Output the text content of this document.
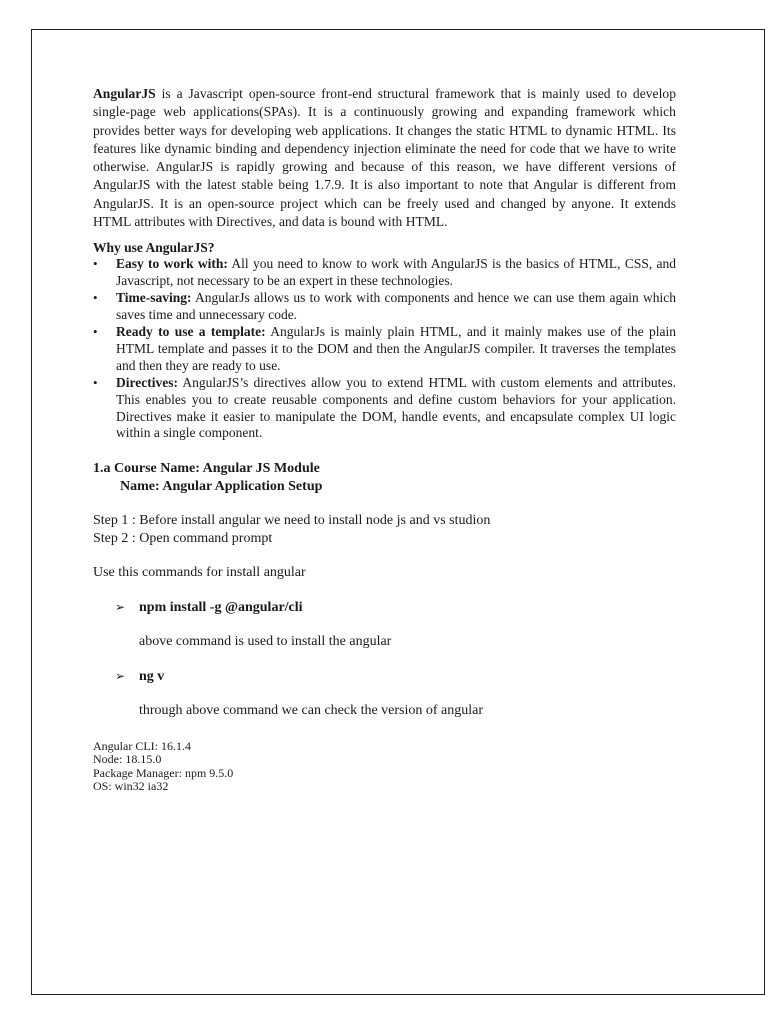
AngularJS is a Javascript open-source front-end structural framework that is mainly used to develop single-page web applications(SPAs). It is a continuously growing and expanding framework which provides better ways for developing web applications. It changes the static HTML to dynamic HTML. Its features like dynamic binding and dependency injection eliminate the need for code that we have to write otherwise. AngularJS is rapidly growing and because of this reason, we have different versions of AngularJS with the latest stable being 1.7.9. It is also important to note that Angular is different from AngularJS. It is an open-source project which can be freely used and changed by anyone. It extends HTML attributes with Directives, and data is bound with HTML.

Why use AngularJS?
• Easy to work with: All you need to know to work with AngularJS is the basics of HTML, CSS, and Javascript, not necessary to be an expert in these technologies.
• Time-saving: AngularJs allows us to work with components and hence we can use them again which saves time and unnecessary code.
• Ready to use a template: AngularJs is mainly plain HTML, and it mainly makes use of the plain HTML template and passes it to the DOM and then the AngularJS compiler. It traverses the templates and then they are ready to use.
• Directives: AngularJS’s directives allow you to extend HTML with custom elements and attributes. This enables you to create reusable components and define custom behaviors for your application. Directives make it easier to manipulate the DOM, handle events, and encapsulate complex UI logic within a single component.
1.a Course Name: Angular JS Module
Name: Angular Application Setup
Step 1 : Before install angular we need to install node js and vs studion
Step 2 : Open command prompt
Use this commands for install angular
➢ npm install -g @angular/cli
above command is used to install the angular
➢ ng v
through above command we can check the version of angular
Angular CLI: 16.1.4
Node: 18.15.0
Package Manager: npm 9.5.0
OS: win32 ia32
